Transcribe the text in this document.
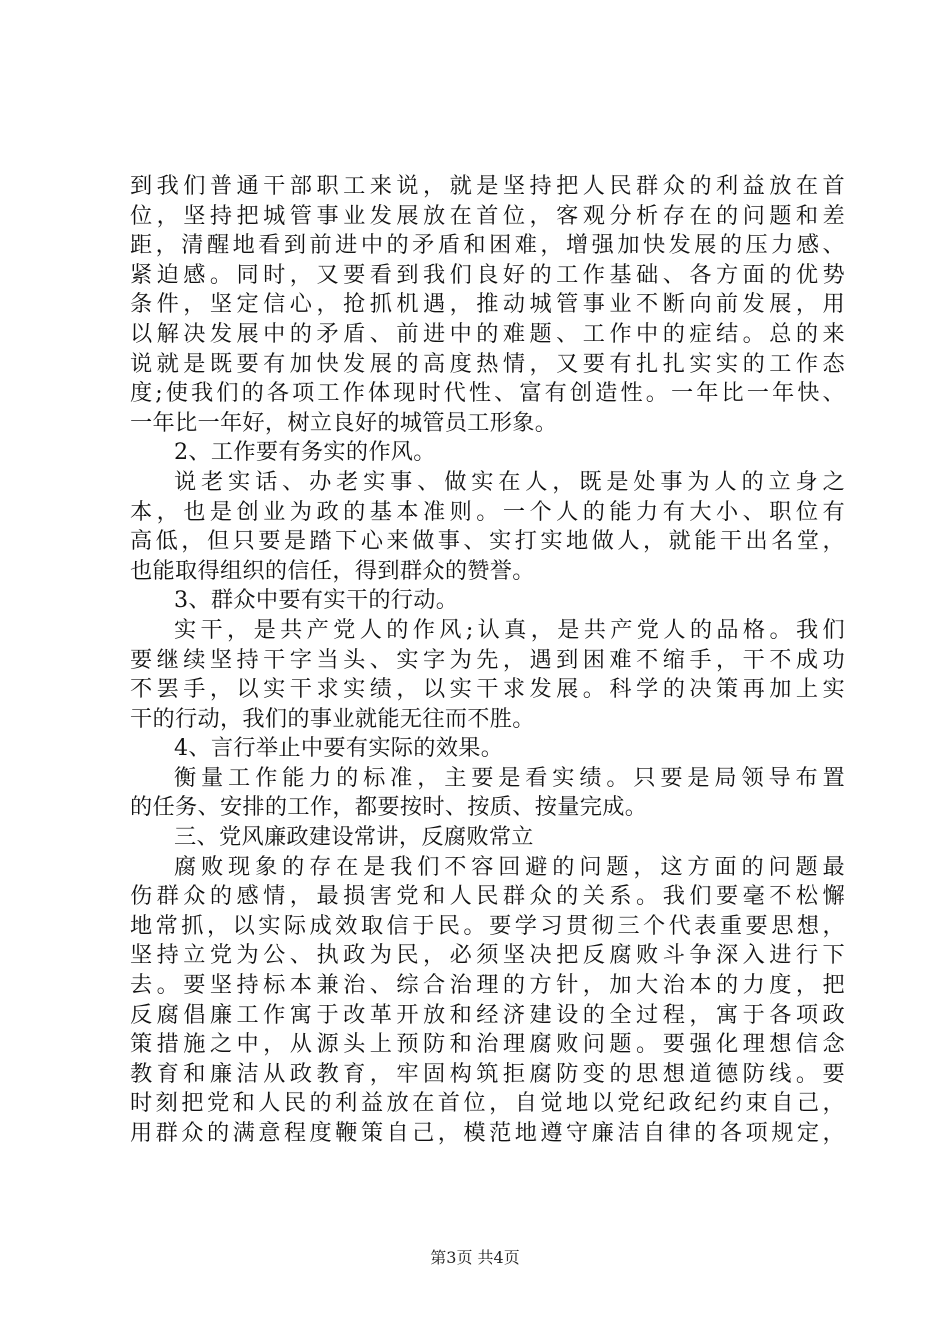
到我们普通干部职工来说，就是坚持把人民群众的利益放在首
位，坚持把城管事业发展放在首位，客观分析存在的问题和差
距，清醒地看到前进中的矛盾和困难，增强加快发展的压力感、
紧迫感。同时，又要看到我们良好的工作基础、各方面的优势
条件，坚定信心，抢抓机遇，推动城管事业不断向前发展，用
以解决发展中的矛盾、前进中的难题、工作中的症结。总的来
说就是既要有加快发展的高度热情，又要有扎扎实实的工作态
度;使我们的各项工作体现时代性、富有创造性。一年比一年快、
一年比一年好，树立良好的城管员工形象。
2、工作要有务实的作风。
说老实话、办老实事、做实在人，既是处事为人的立身之
本，也是创业为政的基本准则。一个人的能力有大小、职位有
高低，但只要是踏下心来做事、实打实地做人，就能干出名堂，
也能取得组织的信任，得到群众的赞誉。
3、群众中要有实干的行动。
实干，是共产党人的作风;认真，是共产党人的品格。我们
要继续坚持干字当头、实字为先，遇到困难不缩手，干不成功
不罢手，以实干求实绩，以实干求发展。科学的决策再加上实
干的行动，我们的事业就能无往而不胜。
4、言行举止中要有实际的效果。
衡量工作能力的标准，主要是看实绩。只要是局领导布置
的任务、安排的工作，都要按时、按质、按量完成。
三、党风廉政建设常讲，反腐败常立
腐败现象的存在是我们不容回避的问题，这方面的问题最
伤群众的感情，最损害党和人民群众的关系。我们要毫不松懈
地常抓，以实际成效取信于民。要学习贯彻三个代表重要思想，
坚持立党为公、执政为民，必须坚决把反腐败斗争深入进行下
去。要坚持标本兼治、综合治理的方针，加大治本的力度，把
反腐倡廉工作寓于改革开放和经济建设的全过程，寓于各项政
策措施之中，从源头上预防和治理腐败问题。要强化理想信念
教育和廉洁从政教育，牢固构筑拒腐防变的思想道德防线。要
时刻把党和人民的利益放在首位，自觉地以党纪政纪约束自己，
用群众的满意程度鞭策自己，模范地遵守廉洁自律的各项规定，
第3页 共4页
